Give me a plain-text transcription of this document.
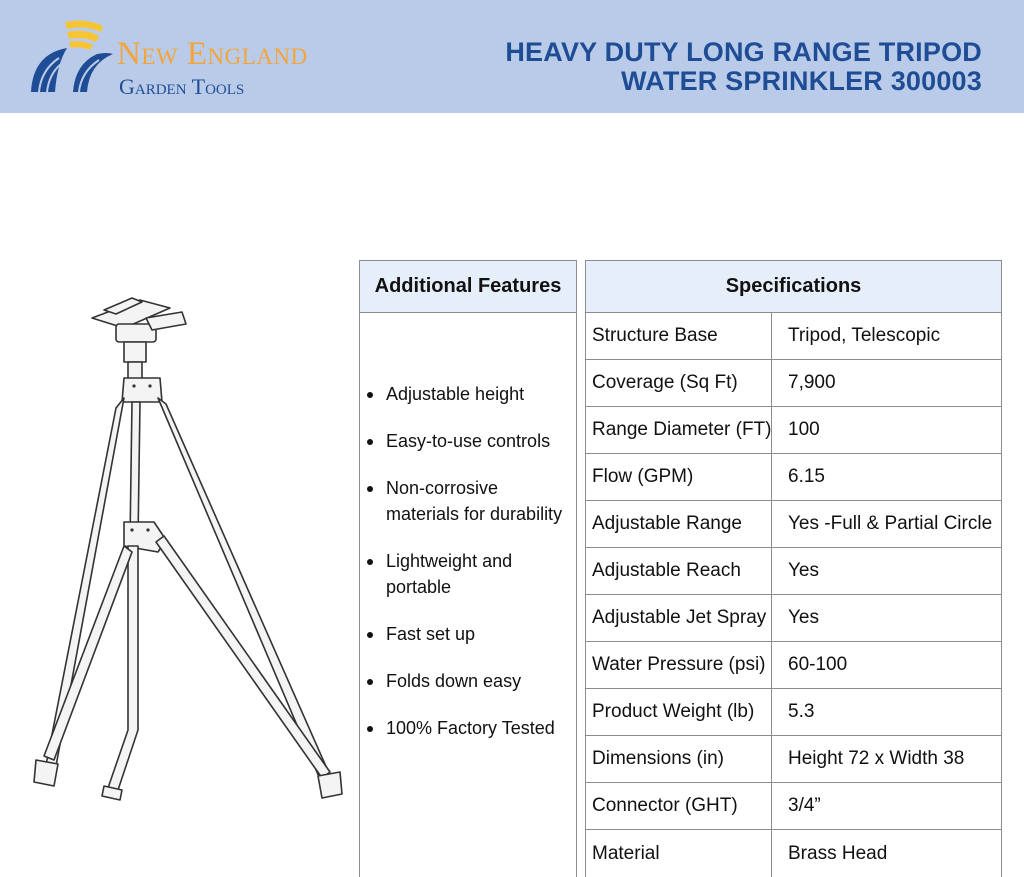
New England
Garden Tools
HEAVY DUTY LONG RANGE TRIPOD
WATER SPRINKLER 300003
Additional Features
Adjustable height
Easy-to-use controls
Non-corrosive materials for durability
Lightweight and portable
Fast set up
Folds down easy
100% Factory Tested
Specifications
Structure Base	Tripod, Telescopic
Coverage (Sq Ft)	7,900
Range Diameter (FT) 100
Flow (GPM)	6.15
Adjustable Range	Yes -Full & Partial Circle
Adjustable Reach	Yes
Adjustable Jet Spray	Yes
Water Pressure (psi)	60-100
Product Weight (lb)	5.3
Dimensions (in)	Height 72 x Width 38
Connector (GHT)	3/4”
Material	Brass Head
